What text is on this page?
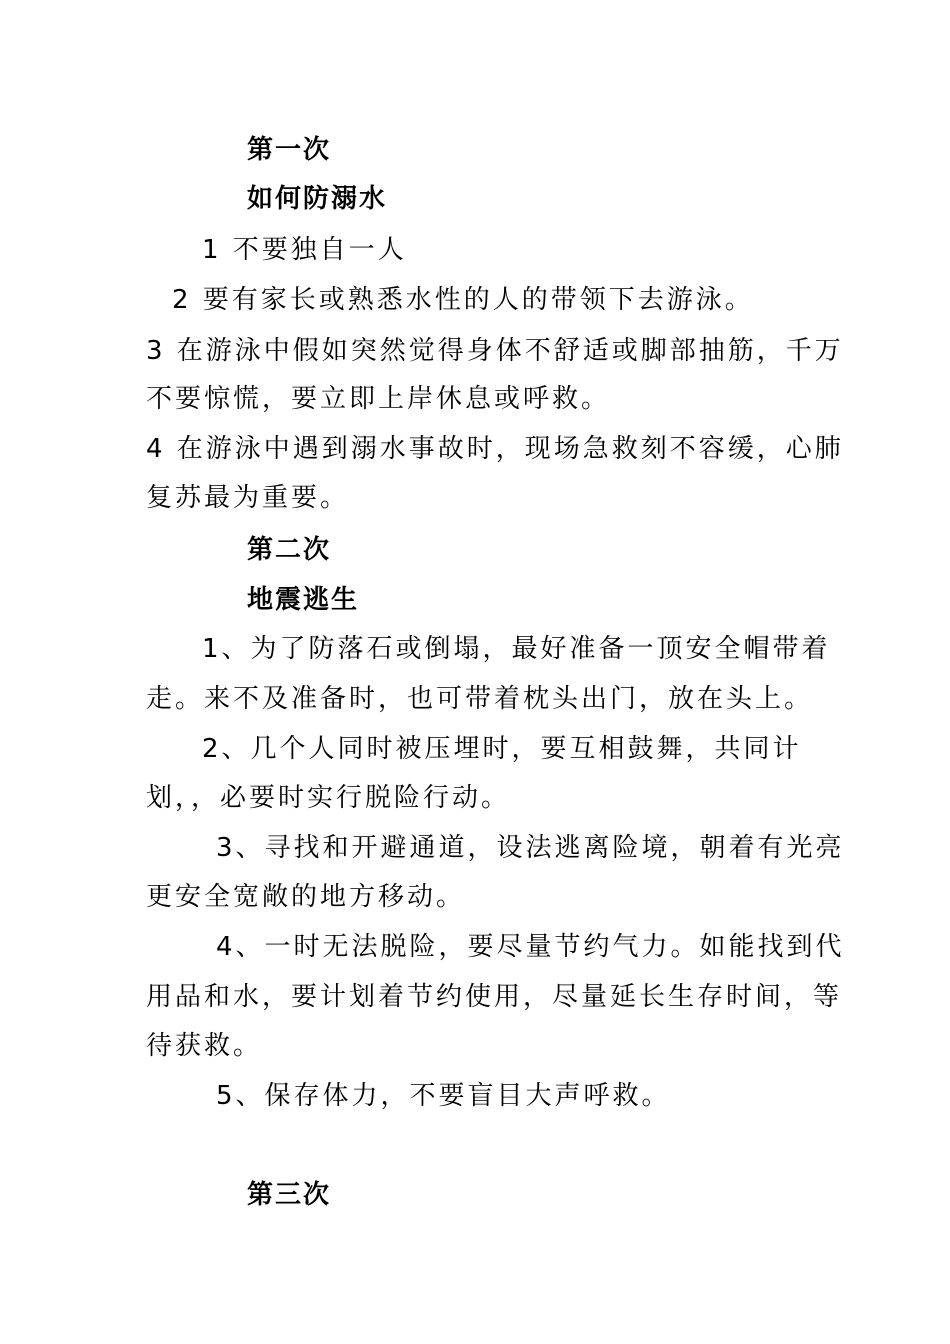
第一次
如何防溺水
1 不要独自一人
2 要有家长或熟悉水性的人的带领下去游泳。
3 在游泳中假如突然觉得身体不舒适或脚部抽筋，千万
不要惊慌，要立即上岸休息或呼救。
4 在游泳中遇到溺水事故时，现场急救刻不容缓，心肺
复苏最为重要。
第二次
地震逃生
1、为了防落石或倒塌，最好准备一顶安全帽带着
走。来不及准备时，也可带着枕头出门，放在头上。
2、几个人同时被压埋时，要互相鼓舞，共同计
划，，必要时实行脱险行动。
3、寻找和开避通道，设法逃离险境，朝着有光亮
更安全宽敞的地方移动。
4、一时无法脱险，要尽量节约气力。如能找到代
用品和水，要计划着节约使用，尽量延长生存时间，等
待获救。
5、保存体力，不要盲目大声呼救。
第三次
